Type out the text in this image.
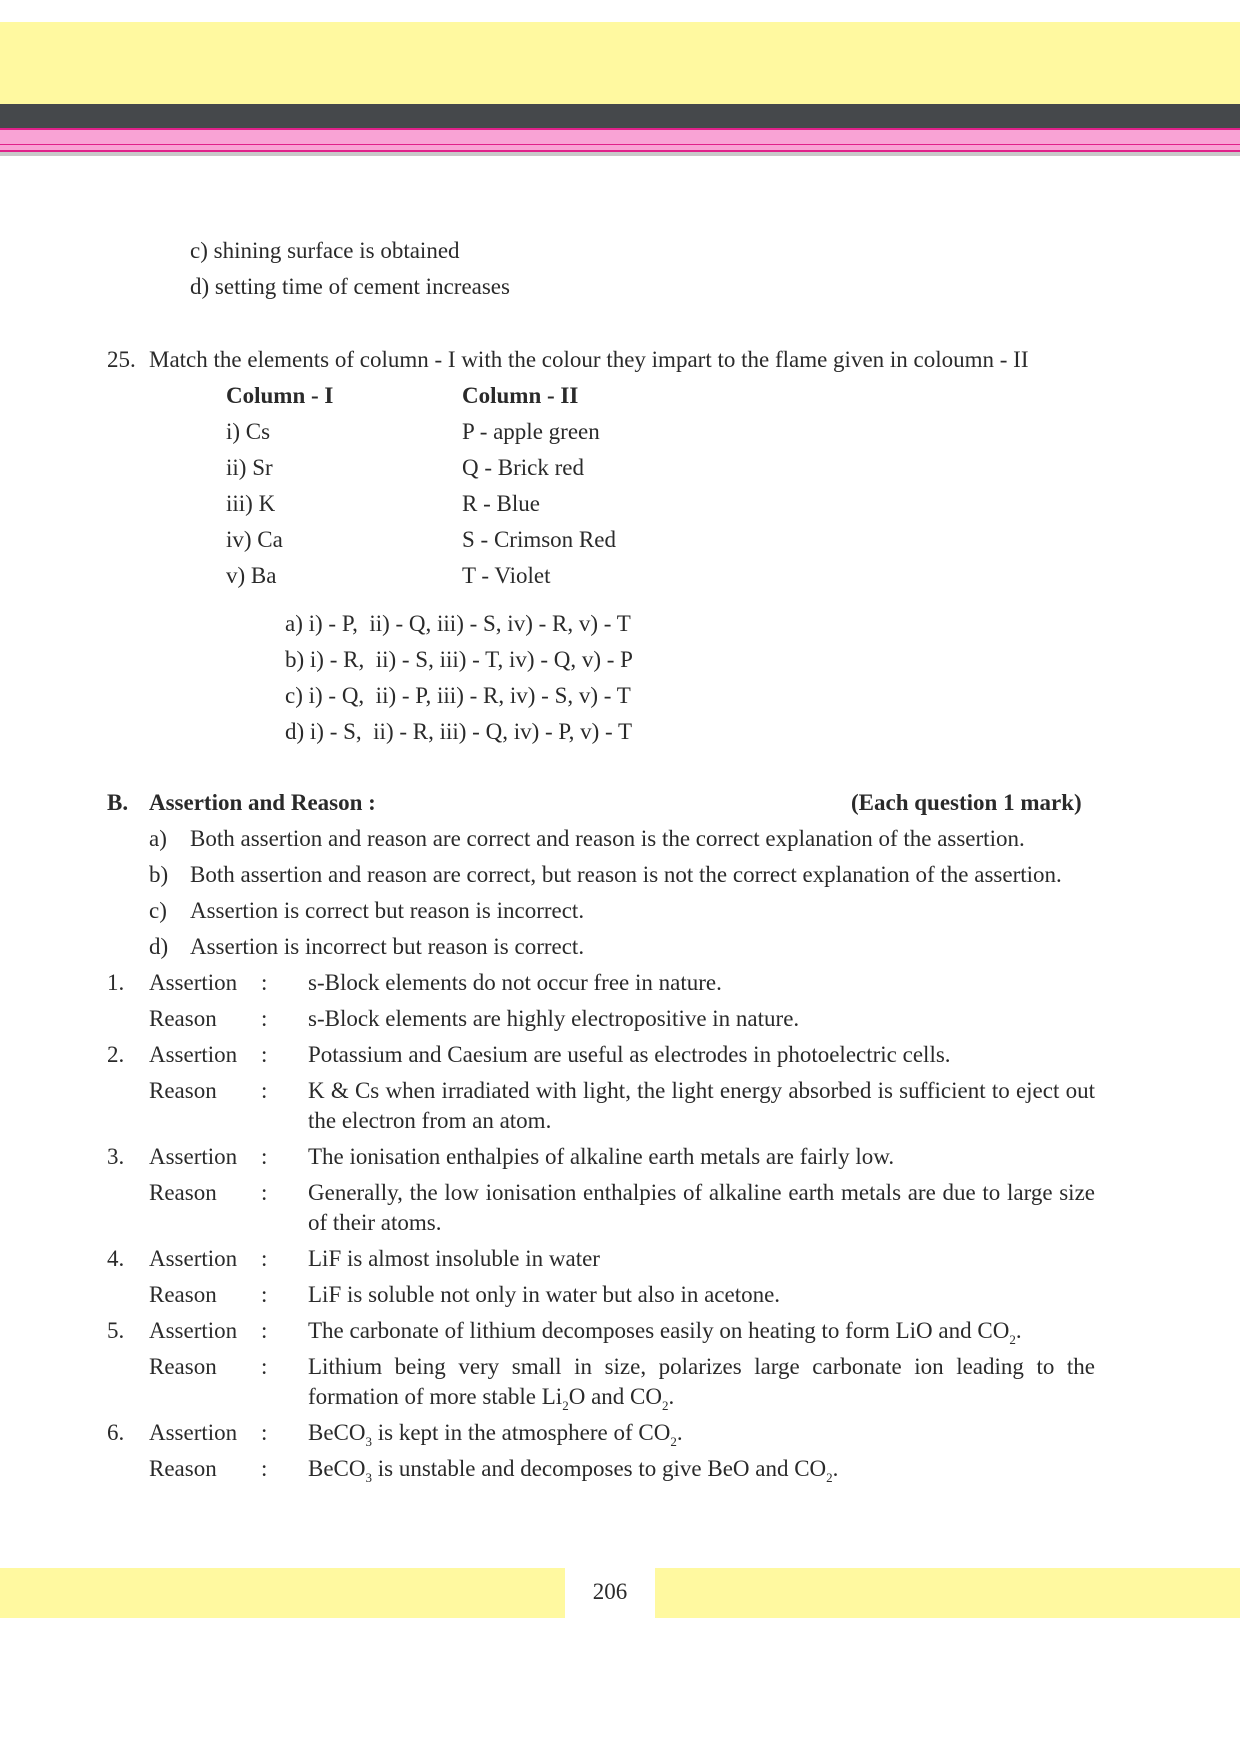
c) shining surface is obtained
d) setting time of cement increases
25. Match the elements of column - I with the colour they impart to the flame given in coloumn - II
Column - I	Column - II
i) Cs	P - apple green
ii) Sr	Q - Brick red
iii) K	R - Blue
iv) Ca	S - Crimson Red
v) Ba	T - Violet
a) i) - P,  ii) - Q, iii) - S, iv) - R, v) - T
b) i) - R,  ii) - S, iii) - T, iv) - Q, v) - P
c) i) - Q,  ii) - P, iii) - R, iv) - S, v) - T
d) i) - S,  ii) - R, iii) - Q, iv) - P, v) - T
B. Assertion and Reason :	(Each question 1 mark)
a) Both assertion and reason are correct and reason is the correct explanation of the assertion.
b) Both assertion and reason are correct, but reason is not the correct explanation of the assertion.
c) Assertion is correct but reason is incorrect.
d) Assertion is incorrect but reason is correct.
1. Assertion : s-Block elements do not occur free in nature.
Reason : s-Block elements are highly electropositive in nature.
2. Assertion : Potassium and Caesium are useful as electrodes in photoelectric cells.
Reason : K & Cs when irradiated with light, the light energy absorbed is sufficient to eject out the electron from an atom.
3. Assertion : The ionisation enthalpies of alkaline earth metals are fairly low.
Reason : Generally, the low ionisation enthalpies of alkaline earth metals are due to large size of their atoms.
4. Assertion : LiF is almost insoluble in water
Reason : LiF is soluble not only in water but also in acetone.
5. Assertion : The carbonate of lithium decomposes easily on heating to form LiO and $CO_2$.
Reason : Lithium being very small in size, polarizes large carbonate ion leading to the formation of more stable $Li_2O$ and $CO_2$.
6. Assertion : BeCO$_3$ is kept in the atmosphere of $CO_2$.
Reason : BeCO$_3$ is unstable and decomposes to give BeO and $CO_2$.
206
